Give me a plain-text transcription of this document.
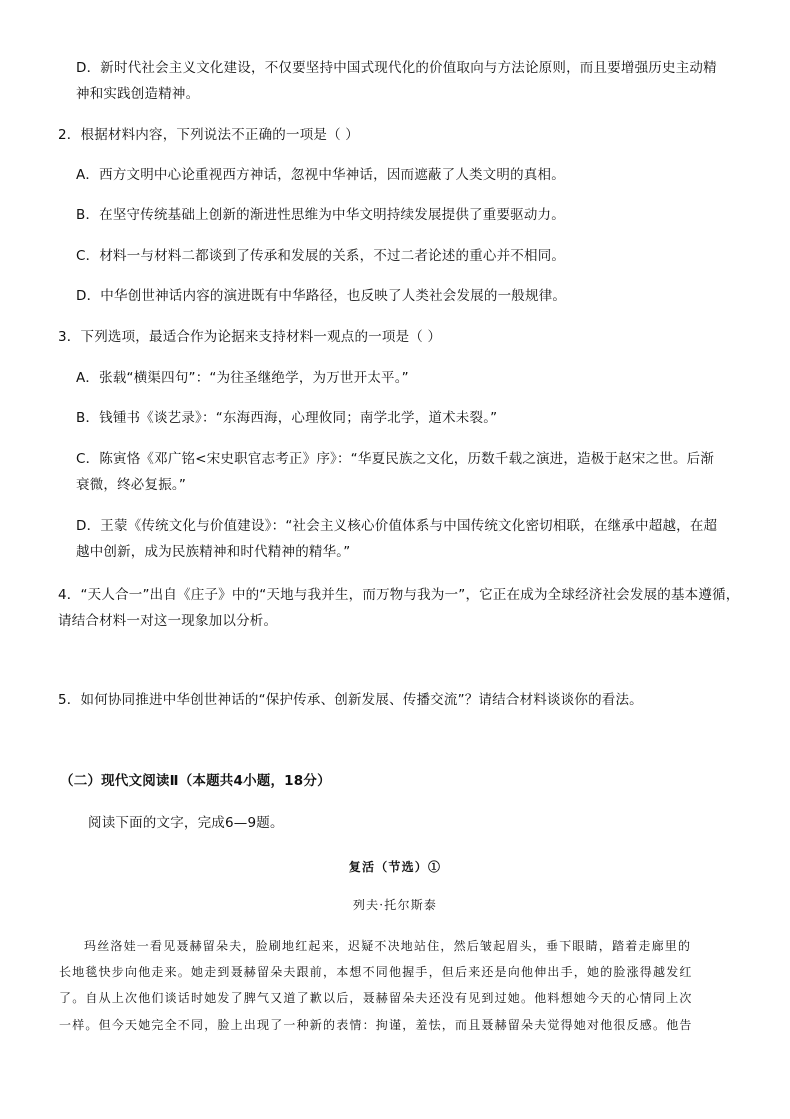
D．新时代社会主义文化建设，不仅要坚持中国式现代化的价值取向与方法论原则，而且要增强历史主动精
神和实践创造精神。
2．根据材料内容，下列说法不正确的一项是（ ）
A．西方文明中心论重视西方神话，忽视中华神话，因而遮蔽了人类文明的真相。
B．在坚守传统基础上创新的渐进性思维为中华文明持续发展提供了重要驱动力。
C．材料一与材料二都谈到了传承和发展的关系，不过二者论述的重心并不相同。
D．中华创世神话内容的演进既有中华路径，也反映了人类社会发展的一般规律。
3．下列选项，最适合作为论据来支持材料一观点的一项是（ ）
A．张载“横渠四句”：“为往圣继绝学，为万世开太平。”
B．钱锺书《谈艺录》：“东海西海，心理攸同；南学北学，道术未裂。”
C．陈寅恪《邓广铭<宋史职官志考正》序》：“华夏民族之文化，历数千载之演进，造极于赵宋之世。后渐
衰微，终必复振。”
D．王蒙《传统文化与价值建设》：“社会主义核心价值体系与中国传统文化密切相联，在继承中超越，在超
越中创新，成为民族精神和时代精神的精华。”
4．“天人合一”出自《庄子》中的“天地与我并生，而万物与我为一”，它正在成为全球经济社会发展的基本遵循，
请结合材料一对这一现象加以分析。
5．如何协同推进中华创世神话的“保护传承、创新发展、传播交流”？请结合材料谈谈你的看法。
（二）现代文阅读Ⅱ（本题共4小题，18分）
阅读下面的文字，完成6—9题。
复活（节选）①
列夫·托尔斯泰
玛丝洛娃一看见聂赫留朵夫，脸刷地红起来，迟疑不决地站住，然后皱起眉头，垂下眼睛，踏着走廊里的
长地毯快步向他走来。她走到聂赫留朵夫跟前，本想不同他握手，但后来还是向他伸出手，她的脸涨得越发红
了。自从上次他们谈话时她发了脾气又道了歉以后，聂赫留朵夫还没有见到过她。他料想她今天的心情同上次
一样。但今天她完全不同，脸上出现了一种新的表情：拘谨，羞怯，而且聂赫留朵夫觉得她对他很反感。他告
